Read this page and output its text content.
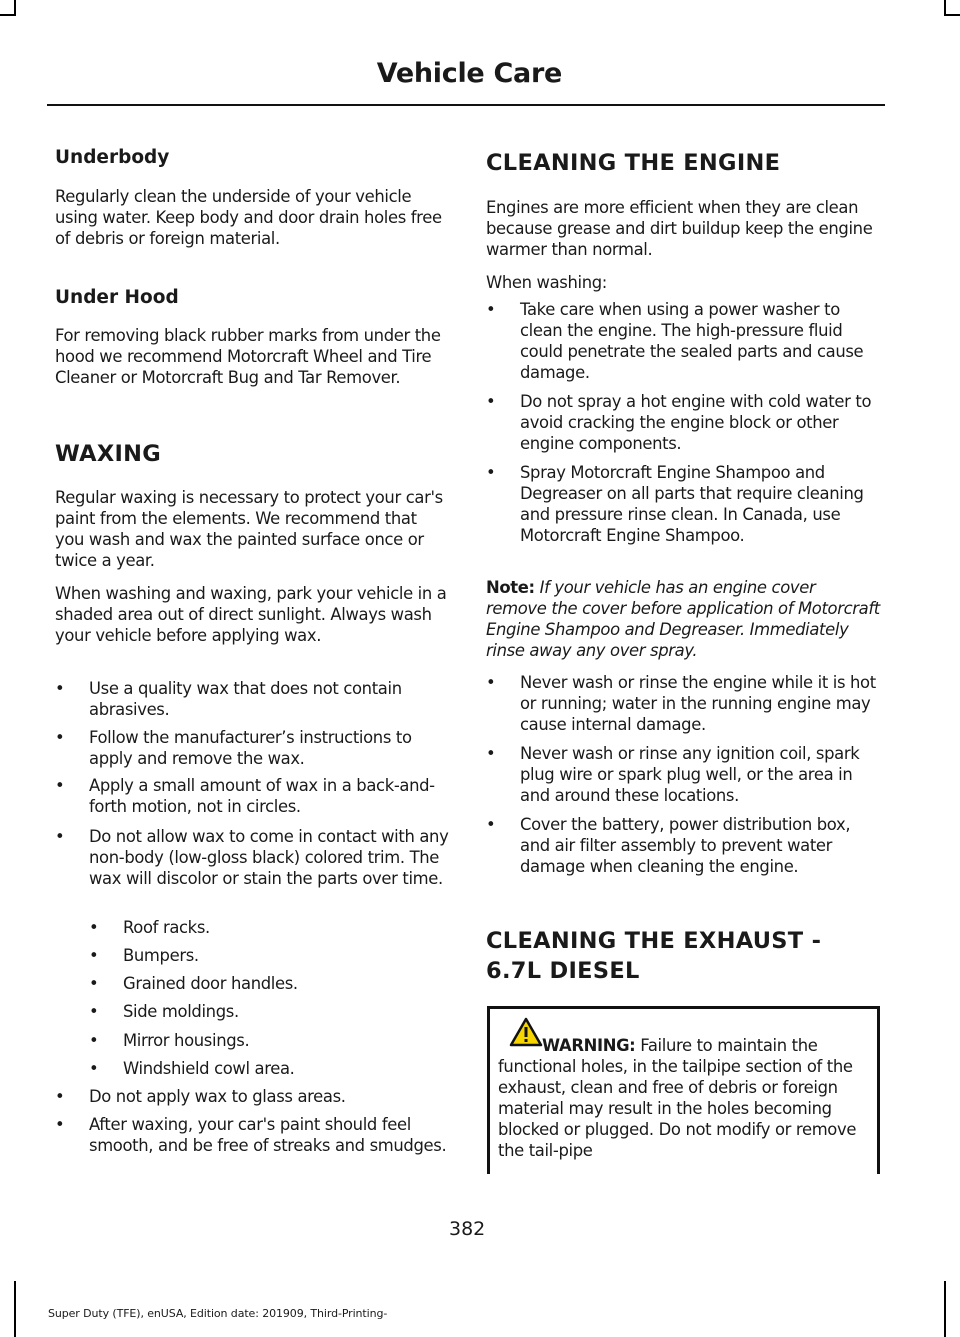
Vehicle Care
Underbody

Regularly clean the underside of your vehicle using water. Keep body and door drain holes free of debris or foreign material.

Under Hood

For removing black rubber marks from under the hood we recommend Motorcraft Wheel and Tire Cleaner or Motorcraft Bug and Tar Remover.

WAXING

Regular waxing is necessary to protect your car's paint from the elements. We recommend that you wash and wax the painted surface once or twice a year.

When washing and waxing, park your vehicle in a shaded area out of direct sunlight. Always wash your vehicle before applying wax.

•	Use a quality wax that does not contain abrasives.
•	Follow the manufacturer’s instructions to apply and remove the wax.
•	Apply a small amount of wax in a back-and-forth motion, not in circles.
•	Do not allow wax to come in contact with any non-body (low-gloss black) colored trim. The wax will discolor or stain the parts over time.
•	Roof racks.
•	Bumpers.
•	Grained door handles.
•	Side moldings.
•	Mirror housings.
•	Windshield cowl area.
•	Do not apply wax to glass areas.
•	After waxing, your car's paint should feel smooth, and be free of streaks and smudges.
CLEANING THE ENGINE

Engines are more efficient when they are clean because grease and dirt buildup keep the engine warmer than normal.

When washing:

•	Take care when using a power washer to clean the engine. The high-pressure fluid could penetrate the sealed parts and cause damage.
•	Do not spray a hot engine with cold water to avoid cracking the engine block or other engine components.
•	Spray Motorcraft Engine Shampoo and Degreaser on all parts that require cleaning and pressure rinse clean. In Canada, use Motorcraft Engine Shampoo.

Note: If your vehicle has an engine cover remove the cover before application of Motorcraft Engine Shampoo and Degreaser. Immediately rinse away any over spray.

•	Never wash or rinse the engine while it is hot or running; water in the running engine may cause internal damage.
•	Never wash or rinse any ignition coil, spark plug wire or spark plug well, or the area in and around these locations.
•	Cover the battery, power distribution box, and air filter assembly to prevent water damage when cleaning the engine.
CLEANING THE EXHAUST -
6.7L DIESEL

WARNING: Failure to maintain the functional holes, in the tailpipe section of the exhaust, clean and free of debris or foreign material may result in the holes becoming blocked or plugged. Do not modify or remove the tail-pipe

382
Super Duty (TFE), enUSA, Edition date: 201909, Third-Printing-
